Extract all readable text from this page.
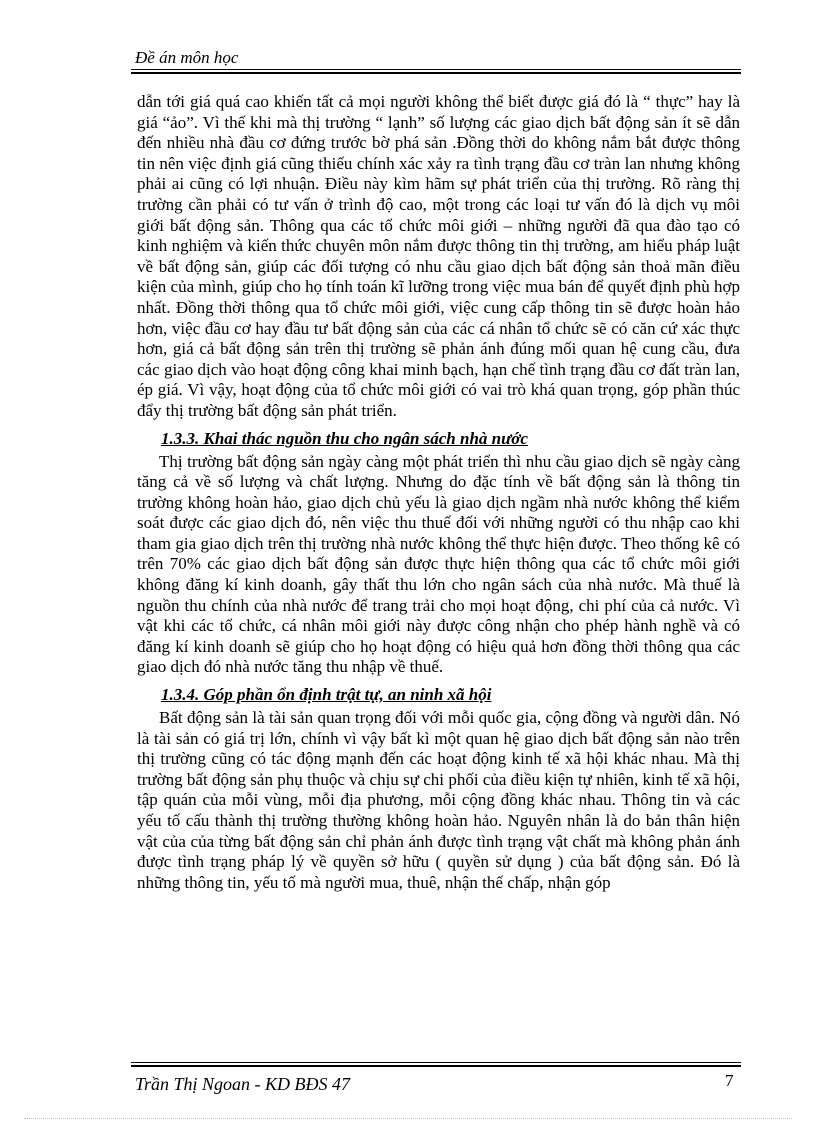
Đề án môn học

dẫn tới giá quá cao khiến tất cả mọi người không thể biết được giá đó là “ thực” hay là giá “ảo”. Vì thế khi mà thị trường “ lạnh” số lượng các giao dịch bất động sản ít sẽ dẫn đến nhiều nhà đầu cơ đứng trước bờ phá sản .Đồng thời do không nắm bắt được thông tin nên việc định giá cũng thiếu chính xác xảy ra tình trạng đầu cơ tràn lan nhưng không phải ai cũng có lợi nhuận. Điều này kìm hãm sự phát triển của thị trường. Rõ ràng thị trường cần phải có tư vấn ở trình độ cao, một trong các loại tư vấn đó là dịch vụ môi giới bất động sản. Thông qua các tổ chức môi giới – những người đã qua đào tạo có kinh nghiệm và kiến thức chuyên môn nắm được thông tin thị trường, am hiểu pháp luật về bất động sản, giúp các đối tượng có nhu cầu giao dịch bất động sản thoả mãn điều kiện của mình, giúp cho họ tính toán kĩ lưỡng trong việc mua bán để quyết định phù hợp nhất. Đồng thời thông qua tổ chức môi giới, việc cung cấp thông tin sẽ được hoàn hảo hơn, việc đầu cơ hay đầu tư bất động sản của các cá nhân tổ chức sẽ có căn cứ xác thực hơn, giá cả bất động sản trên thị trường sẽ phản ánh đúng mối quan hệ cung cầu, đưa các giao dịch vào hoạt động công khai minh bạch, hạn chế tình trạng đầu cơ đất tràn lan, ép giá. Vì vậy, hoạt động của tổ chức môi giới có vai trò khá quan trọng, góp phần thúc đẩy thị trường bất động sản phát triển.

1.3.3. Khai thác nguồn thu cho ngân sách nhà nước

Thị trường bất động sản ngày càng một phát triển thì nhu cầu giao dịch sẽ ngày càng tăng cả về số lượng và chất lượng. Nhưng do đặc tính về bất động sản là thông tin trường không hoàn hảo, giao dịch chủ yếu là giao dịch ngầm nhà nước không thể kiểm soát được các giao dịch đó, nên việc thu thuế đối với những người có thu nhập cao khi tham gia giao dịch trên thị trường nhà nước không thể thực hiện được. Theo thống kê có trên 70% các giao dịch bất động sản được thực hiện thông qua các tổ chức môi giới không đăng kí kinh doanh, gây thất thu lớn cho ngân sách của nhà nước. Mà thuế là nguồn thu chính của nhà nước để trang trải cho mọi hoạt động, chi phí của cả nước. Vì vật khi các tổ chức, cá nhân môi giới này được công nhận cho phép hành nghề và có đăng kí kinh doanh sẽ giúp cho họ hoạt động có hiệu quả hơn đồng thời thông qua các giao dịch đó nhà nước tăng thu nhập về thuế.

1.3.4. Góp phần ổn định trật tự, an ninh xã hội

Bất động sản là tài sản quan trọng đối với mỗi quốc gia, cộng đồng và người dân. Nó là tài sản có giá trị lớn, chính vì vậy bất kì một quan hệ giao dịch bất động sản nào trên thị trường cũng có tác động mạnh đến các hoạt động kinh tế xã hội khác nhau. Mà thị trường bất động sản phụ thuộc và chịu sự chi phối của điều kiện tự nhiên, kinh tế xã hội, tập quán của mỗi vùng, mỗi địa phương, mỗi cộng đồng khác nhau. Thông tin và các yếu tố cấu thành thị trường thường không hoàn hảo. Nguyên nhân là do bản thân hiện vật của của từng bất động sản chỉ phản ánh được tình trạng vật chất mà không phản ánh được tình trạng pháp lý về quyền sở hữu ( quyền sử dụng ) của bất động sản. Đó là những thông tin, yếu tố mà người mua, thuê, nhận thế chấp, nhận góp

Trần Thị Ngoan - KD BĐS 47	7
